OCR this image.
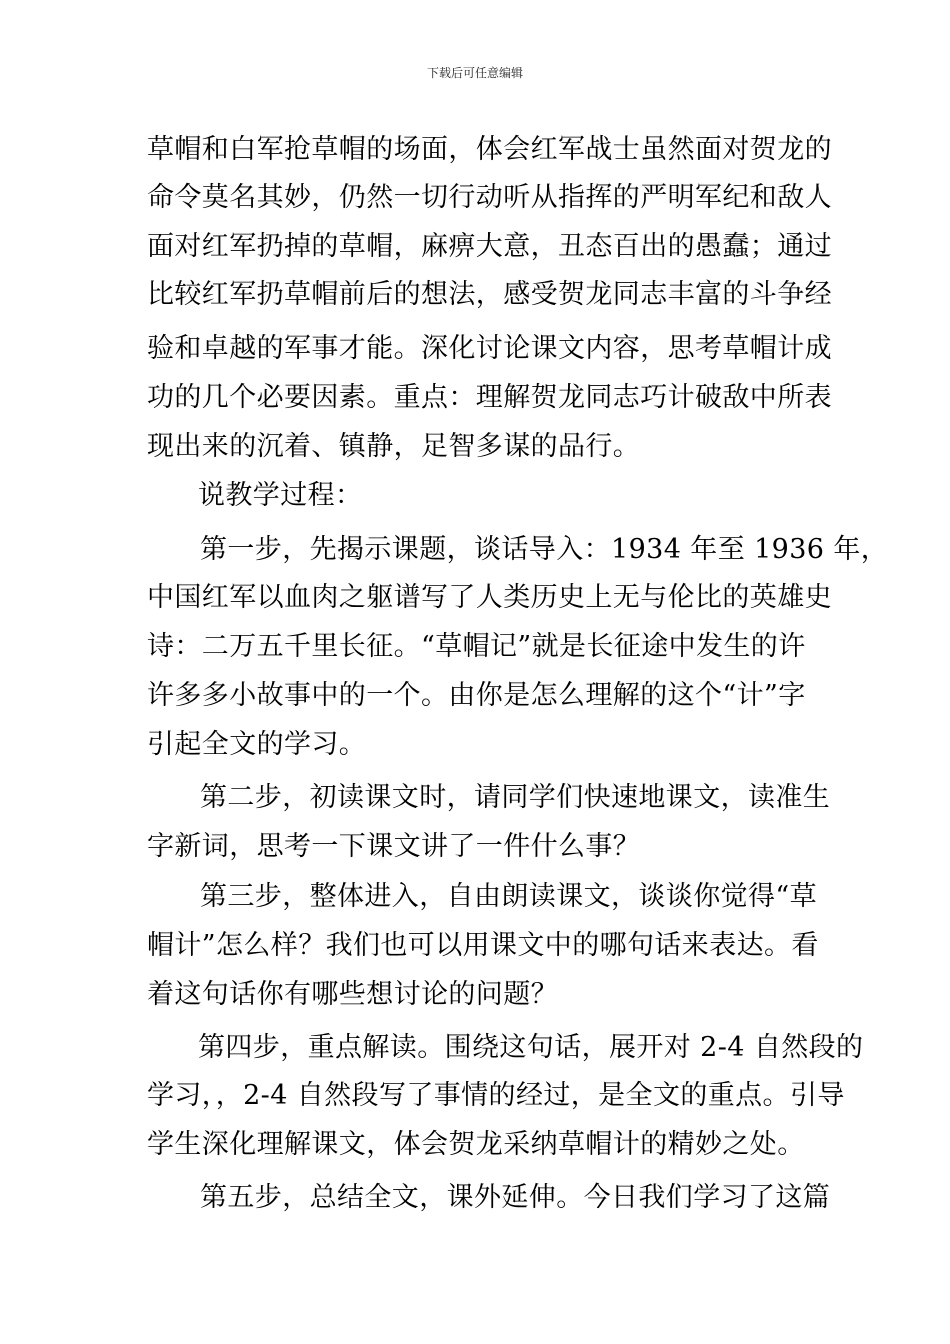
下载后可任意编辑
草帽和白军抢草帽的场面，体会红军战士虽然面对贺龙的
命令莫名其妙，仍然一切行动听从指挥的严明军纪和敌人
面对红军扔掉的草帽，麻痹大意，丑态百出的愚蠢；通过
比较红军扔草帽前后的想法，感受贺龙同志丰富的斗争经
验和卓越的军事才能。深化讨论课文内容，思考草帽计成
功的几个必要因素。重点：理解贺龙同志巧计破敌中所表
现出来的沉着、镇静，足智多谋的品行。
说教学过程：
第一步，先揭示课题，谈话导入：1934 年至 1936 年，
中国红军以血肉之躯谱写了人类历史上无与伦比的英雄史
诗：二万五千里长征。“草帽记”就是长征途中发生的许
许多多小故事中的一个。由你是怎么理解的这个“计”字
引起全文的学习。
第二步，初读课文时，请同学们快速地课文，读准生
字新词，思考一下课文讲了一件什么事？
第三步，整体进入，自由朗读课文，谈谈你觉得“草
帽计”怎么样？我们也可以用课文中的哪句话来表达。看
着这句话你有哪些想讨论的问题？
第四步，重点解读。围绕这句话，展开对 2-4 自然段的
学习，，2-4 自然段写了事情的经过，是全文的重点。引导
学生深化理解课文，体会贺龙采纳草帽计的精妙之处。
第五步，总结全文，课外延伸。今日我们学习了这篇
